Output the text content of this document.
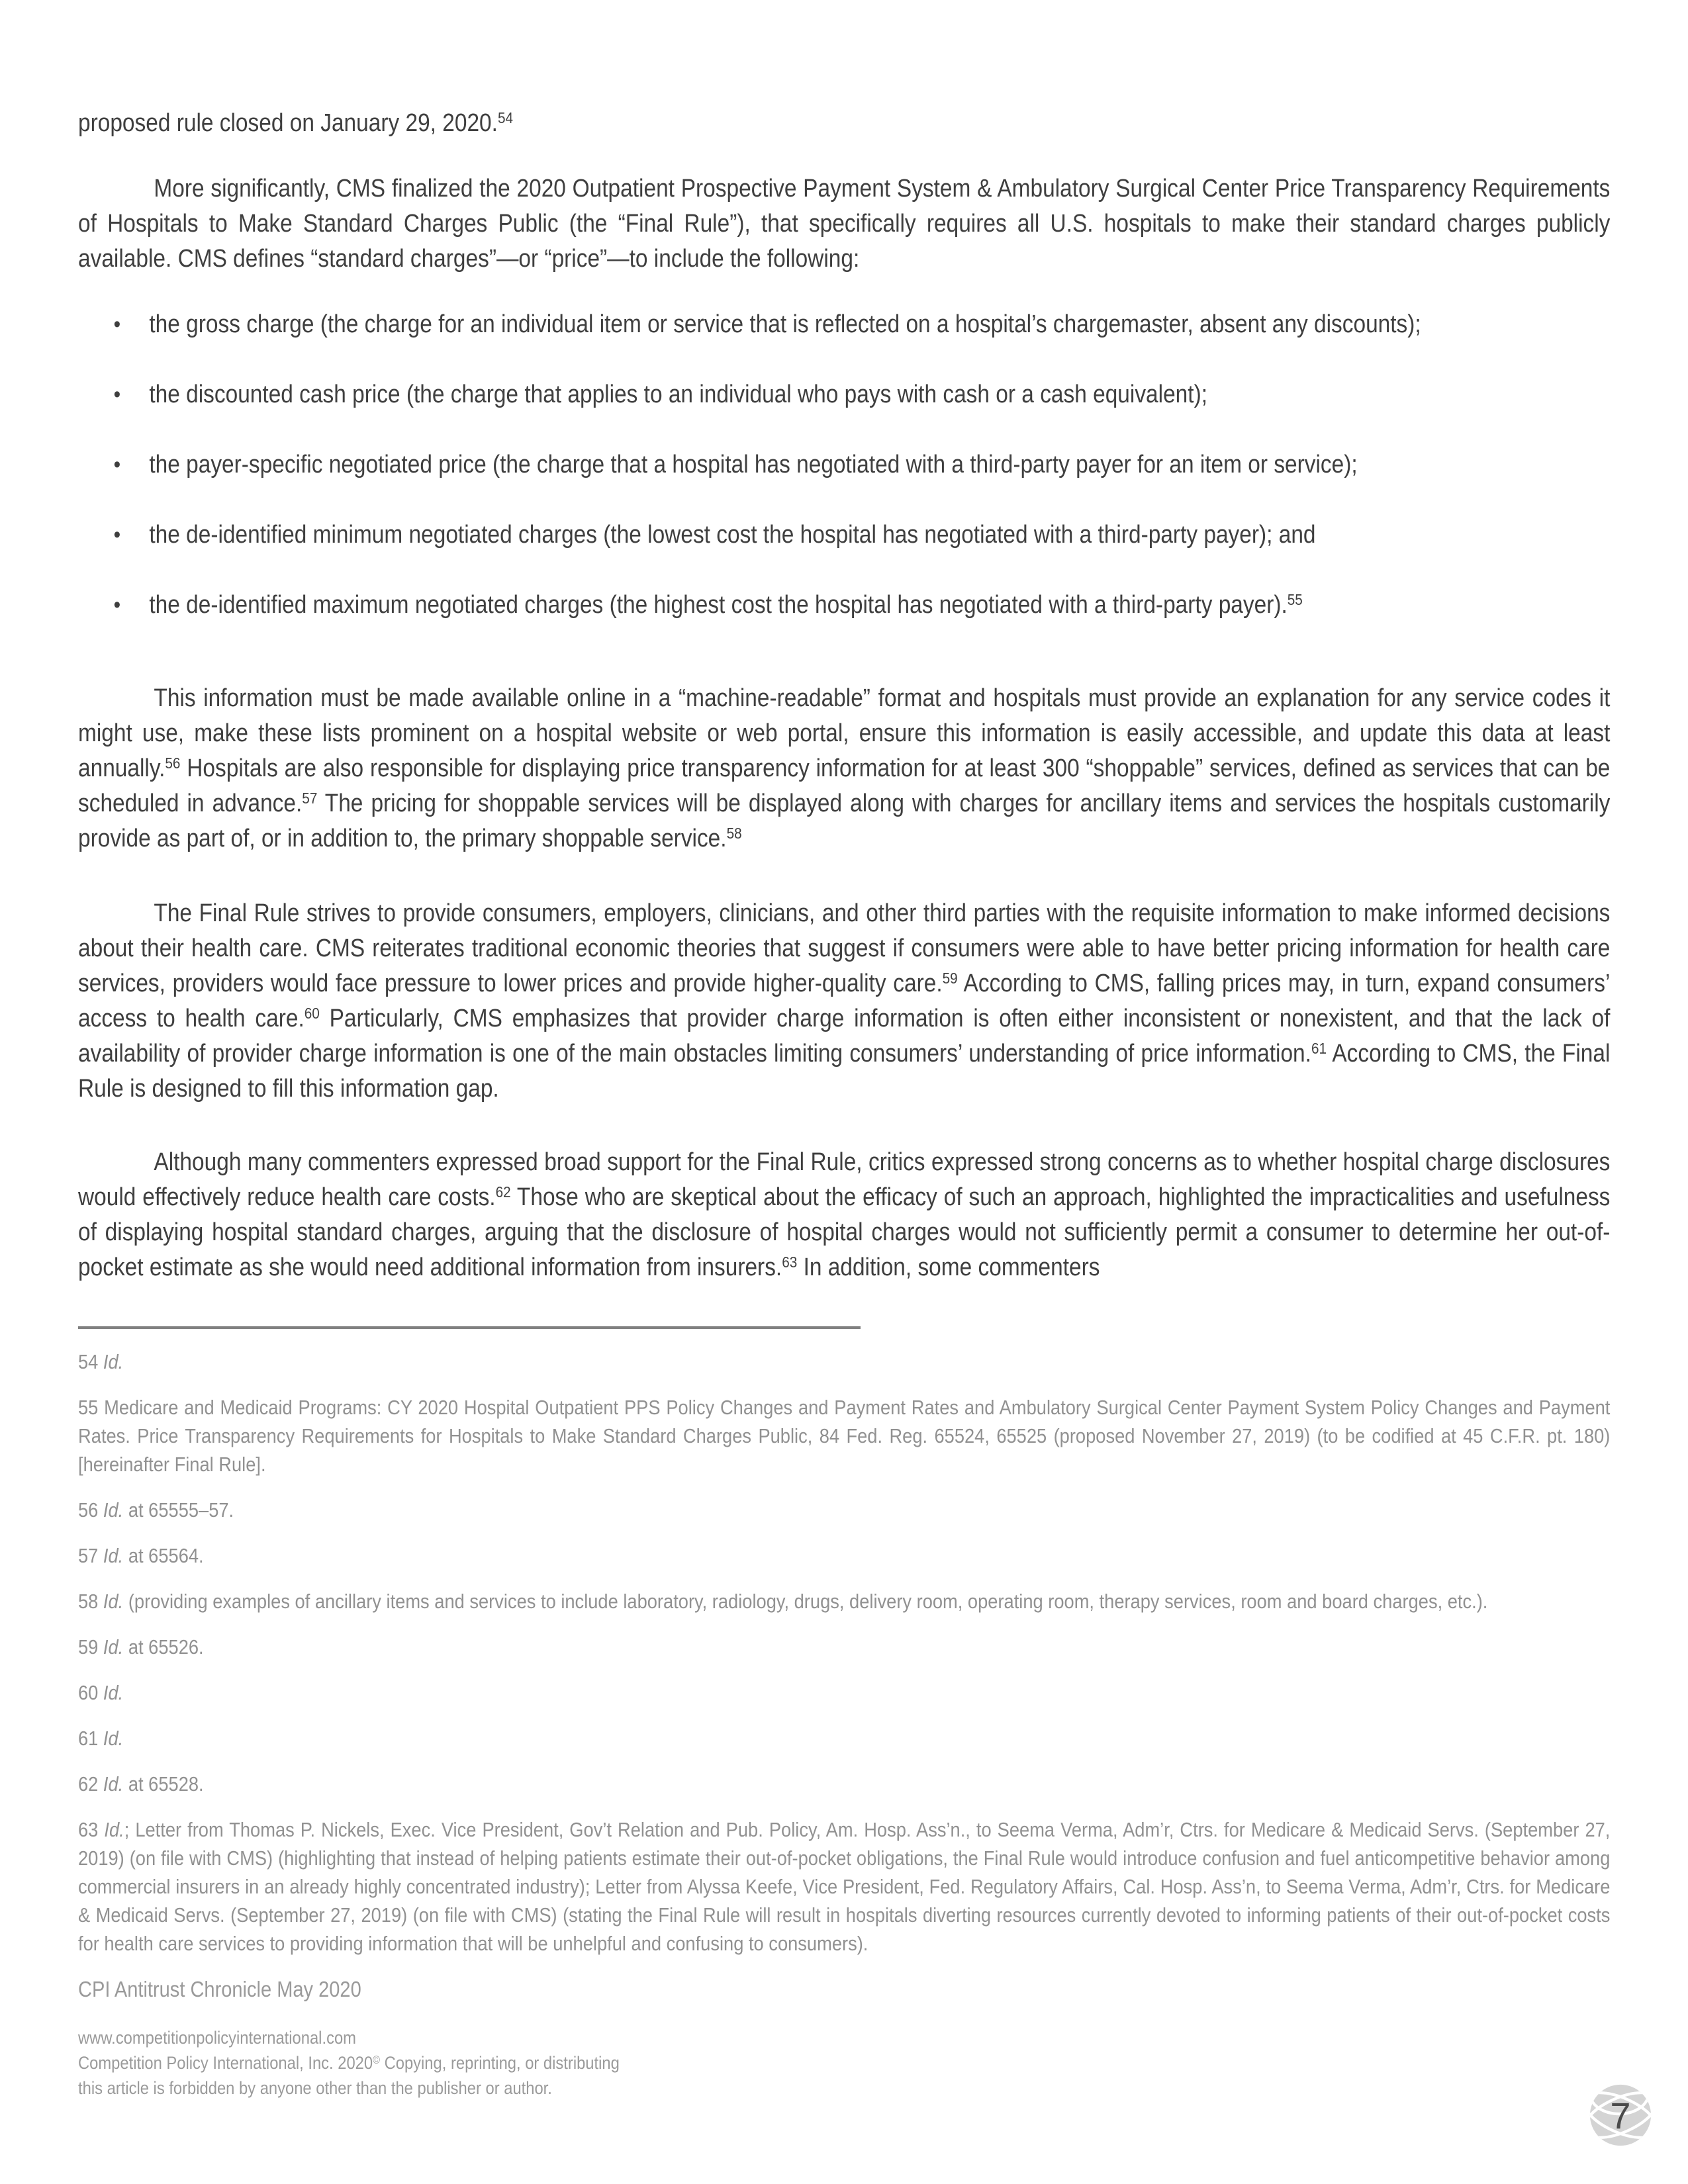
proposed rule closed on January 29, 2020.54

More significantly, CMS finalized the 2020 Outpatient Prospective Payment System & Ambulatory Surgical Center Price Transparency Requirements of Hospitals to Make Standard Charges Public (the “Final Rule”), that specifically requires all U.S. hospitals to make their standard charges publicly available. CMS defines “standard charges”—or “price”—to include the following:

• the gross charge (the charge for an individual item or service that is reflected on a hospital’s chargemaster, absent any discounts);
• the discounted cash price (the charge that applies to an individual who pays with cash or a cash equivalent);
• the payer-specific negotiated price (the charge that a hospital has negotiated with a third-party payer for an item or service);
• the de-identified minimum negotiated charges (the lowest cost the hospital has negotiated with a third-party payer); and
• the de-identified maximum negotiated charges (the highest cost the hospital has negotiated with a third-party payer).$^{55}$

This information must be made available online in a “machine-readable” format and hospitals must provide an explanation for any service codes it might use, make these lists prominent on a hospital website or web portal, ensure this information is easily accessible, and update this data at least annually.$^{56}$ Hospitals are also responsible for displaying price transparency information for at least 300 “shoppable” services, defined as services that can be scheduled in advance.$^{57}$ The pricing for shoppable services will be displayed along with charges for ancillary items and services the hospitals customarily provide as part of, or in addition to, the primary shoppable service.$^{58}$

The Final Rule strives to provide consumers, employers, clinicians, and other third parties with the requisite information to make informed decisions about their health care. CMS reiterates traditional economic theories that suggest if consumers were able to have better pricing information for health care services, providers would face pressure to lower prices and provide higher-quality care.$^{59}$ According to CMS, falling prices may, in turn, expand consumers’ access to health care.$^{60}$ Particularly, CMS emphasizes that provider charge information is often either inconsistent or nonexistent, and that the lack of availability of provider charge information is one of the main obstacles limiting consumers’ understanding of price information.$^{61}$ According to CMS, the Final Rule is designed to fill this information gap.

Although many commenters expressed broad support for the Final Rule, critics expressed strong concerns as to whether hospital charge disclosures would effectively reduce health care costs.$^{62}$ Those who are skeptical about the efficacy of such an approach, highlighted the impracticalities and usefulness of displaying hospital standard charges, arguing that the disclosure of hospital charges would not sufficiently permit a consumer to determine her out-of-pocket estimate as she would need additional information from insurers.$^{63}$ In addition, some commenters

54 Id.
55 Medicare and Medicaid Programs: CY 2020 Hospital Outpatient PPS Policy Changes and Payment Rates and Ambulatory Surgical Center Payment System Policy Changes and Payment Rates. Price Transparency Requirements for Hospitals to Make Standard Charges Public, 84 Fed. Reg. 65524, 65525 (proposed November 27, 2019) (to be codified at 45 C.F.R. pt. 180) [hereinafter Final Rule].
56 Id. at 65555–57.
57 Id. at 65564.
58 Id. (providing examples of ancillary items and services to include laboratory, radiology, drugs, delivery room, operating room, therapy services, room and board charges, etc.).
59 Id. at 65526.
60 Id.
61 Id.
62 Id. at 65528.
63 Id.; Letter from Thomas P. Nickels, Exec. Vice President, Gov’t Relation and Pub. Policy, Am. Hosp. Ass’n., to Seema Verma, Adm’r, Ctrs. for Medicare & Medicaid Servs. (September 27, 2019) (on file with CMS) (highlighting that instead of helping patients estimate their out-of-pocket obligations, the Final Rule would introduce confusion and fuel anticompetitive behavior among commercial insurers in an already highly concentrated industry); Letter from Alyssa Keefe, Vice President, Fed. Regulatory Affairs, Cal. Hosp. Ass’n, to Seema Verma, Adm’r, Ctrs. for Medicare & Medicaid Servs. (September 27, 2019) (on file with CMS) (stating the Final Rule will result in hospitals diverting resources currently devoted to informing patients of their out-of-pocket costs for health care services to providing information that will be unhelpful and confusing to consumers).

CPI Antitrust Chronicle May 2020

www.competitionpolicyinternational.com
Competition Policy International, Inc. 2020© Copying, reprinting, or distributing
this article is forbidden by anyone other than the publisher or author.
7
